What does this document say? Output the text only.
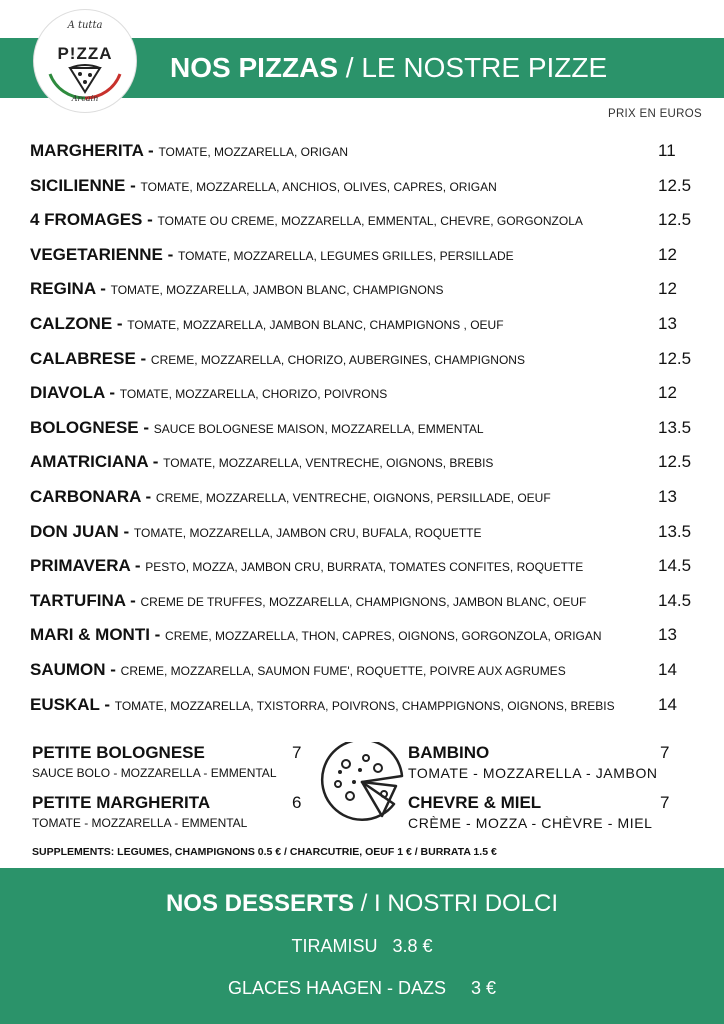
NOS PIZZAS / LE NOSTRE PIZZE
A tutta
P!ZZA
Arcain
PRIX EN EUROS
MARGHERITA - TOMATE, MOZZARELLA, ORIGAN	11
SICILIENNE - TOMATE, MOZZARELLA, ANCHIOS, OLIVES, CAPRES, ORIGAN	12.5
4 FROMAGES - TOMATE OU CREME, MOZZARELLA, EMMENTAL, CHEVRE, GORGONZOLA	12.5
VEGETARIENNE - TOMATE, MOZZARELLA, LEGUMES GRILLES, PERSILLADE	12
REGINA - TOMATE, MOZZARELLA, JAMBON BLANC, CHAMPIGNONS	12
CALZONE - TOMATE, MOZZARELLA, JAMBON BLANC, CHAMPIGNONS , OEUF	13
CALABRESE - CREME, MOZZARELLA, CHORIZO, AUBERGINES, CHAMPIGNONS	12.5
DIAVOLA - TOMATE, MOZZARELLA, CHORIZO, POIVRONS	12
BOLOGNESE - SAUCE BOLOGNESE MAISON, MOZZARELLA, EMMENTAL	13.5
AMATRICIANA - TOMATE, MOZZARELLA, VENTRECHE, OIGNONS, BREBIS	12.5
CARBONARA - CREME, MOZZARELLA, VENTRECHE, OIGNONS, PERSILLADE, OEUF	13
DON JUAN - TOMATE, MOZZARELLA, JAMBON CRU, BUFALA, ROQUETTE	13.5
PRIMAVERA - PESTO, MOZZA, JAMBON CRU, BURRATA, TOMATES CONFITES, ROQUETTE	14.5
TARTUFINA - CREME DE TRUFFES, MOZZARELLA, CHAMPIGNONS, JAMBON BLANC, OEUF	14.5
MARI & MONTI - CREME, MOZZARELLA, THON, CAPRES, OIGNONS, GORGONZOLA, ORIGAN	13
SAUMON - CREME, MOZZARELLA, SAUMON FUME', ROQUETTE, POIVRE AUX AGRUMES	14
EUSKAL - TOMATE, MOZZARELLA, TXISTORRA, POIVRONS, CHAMPPIGNONS, OIGNONS, BREBIS	14
PETITE BOLOGNESE	7
SAUCE BOLO - MOZZARELLA - EMMENTAL
PETITE MARGHERITA	6
TOMATE - MOZZARELLA - EMMENTAL
BAMBINO	7
TOMATE - MOZZARELLA - JAMBON
CHEVRE & MIEL	7
CRÈME - MOZZA - CHÈVRE - MIEL
SUPPLEMENTS: LEGUMES, CHAMPIGNONS 0.5 € / CHARCUTRIE, OEUF 1 € / BURRATA 1.5 €
NOS DESSERTS / I NOSTRI DOLCI
TIRAMISU 3.8 €
GLACES HAAGEN - DAZS 3 €
